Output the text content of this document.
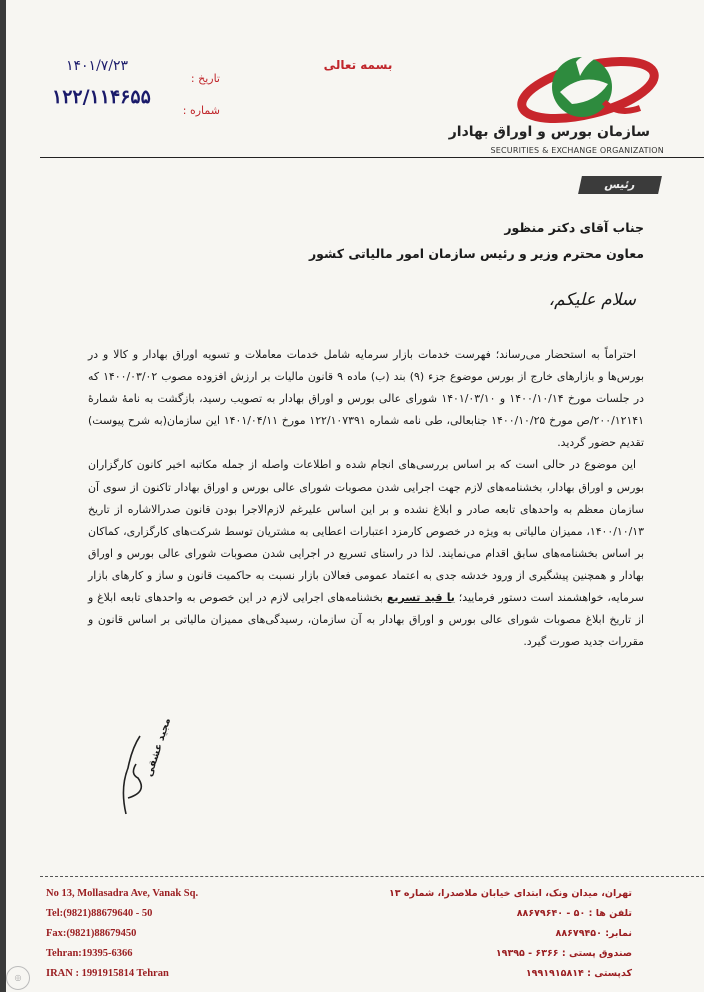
بسمه تعالی
سازمان بورس و اوراق بهادار
SECURITIES & EXCHANGE ORGANIZATION
تاریخ :
۱۴۰۱/۷/۲۳
شماره :
۱۲۲/۱۱۴۶۵۵
رئیس
جناب آقای دکتر منظور
معاون محترم وزیر و رئیس سازمان امور مالیاتی کشور
سلام علیکم،

احتراماً به استحضار می‌رساند؛ فهرست خدمات بازار سرمایه شامل خدمات معاملات و تسویه اوراق بهادار و کالا و در بورس‌ها و بازارهای خارج از بورس موضوع جزء (۹) بند (ب) ماده ۹ قانون مالیات بر ارزش افزوده مصوب ۱۴۰۰/۰۳/۰۲ که در جلسات مورخ ۱۴۰۰/۱۰/۱۴ و ۱۴۰۱/۰۳/۱۰ شورای عالی بورس و اوراق بهادار به تصویب رسید، بازگشت به نامهٔ شمارهٔ ۲۰۰/۱۲۱۴۱/ص مورخ ۱۴۰۰/۱۰/۲۵ جنابعالی، طی نامه شماره ۱۲۲/۱۰۷۳۹۱ مورخ ۱۴۰۱/۰۴/۱۱ این سازمان(به شرح پیوست) تقدیم حضور گردید.

این موضوع در حالی است که بر اساس بررسی‌های انجام شده و اطلاعات واصله از جمله مکاتبه اخیر کانون کارگزاران بورس و اوراق بهادار، بخشنامه‌های لازم جهت اجرایی شدن مصوبات شورای عالی بورس و اوراق بهادار تاکنون از سوی آن سازمان معظم به واحدهای تابعه صادر و ابلاغ نشده و بر این اساس علیرغم لازم‌الاجرا بودن قانون صدرالاشاره از تاریخ ۱۴۰۰/۱۰/۱۳، ممیزان مالیاتی به ویژه در خصوص کارمزد اعتبارات اعطایی به مشتریان توسط شرکت‌های کارگزاری، کماکان بر اساس بخشنامه‌های سابق اقدام می‌نمایند. لذا در راستای تسریع در اجرایی شدن مصوبات شورای عالی بورس و اوراق بهادار و همچنین پیشگیری از ورود خدشه جدی به اعتماد عمومی فعالان بازار نسبت به حاکمیت قانون و ساز و کارهای بازار سرمایه، خواهشمند است دستور فرمایید؛ با قید تسریع بخشنامه‌های اجرایی لازم در این خصوص به واحدهای تابعه ابلاغ و از تاریخ ابلاغ مصوبات شورای عالی بورس و اوراق بهادار به آن سازمان، رسیدگی‌های ممیزان مالیاتی بر اساس قانون و مقررات جدید صورت گیرد.

مجید عشقی
No 13, Mollasadra Ave, Vanak Sq.
Tel:(9821)88679640 - 50
Fax:(9821)88679450
Tehran:19395-6366
IRAN : 1991915814 Tehran
تهران، میدان ونک، ابتدای خیابان ملاصدرا، شماره ۱۳
تلفن ها : ۵۰ - ۸۸۶۷۹۶۴۰
نمابر: ۸۸۶۷۹۴۵۰
صندوق پستی : ۶۳۶۶ - ۱۹۳۹۵
کدپستی : ۱۹۹۱۹۱۵۸۱۴
◎
